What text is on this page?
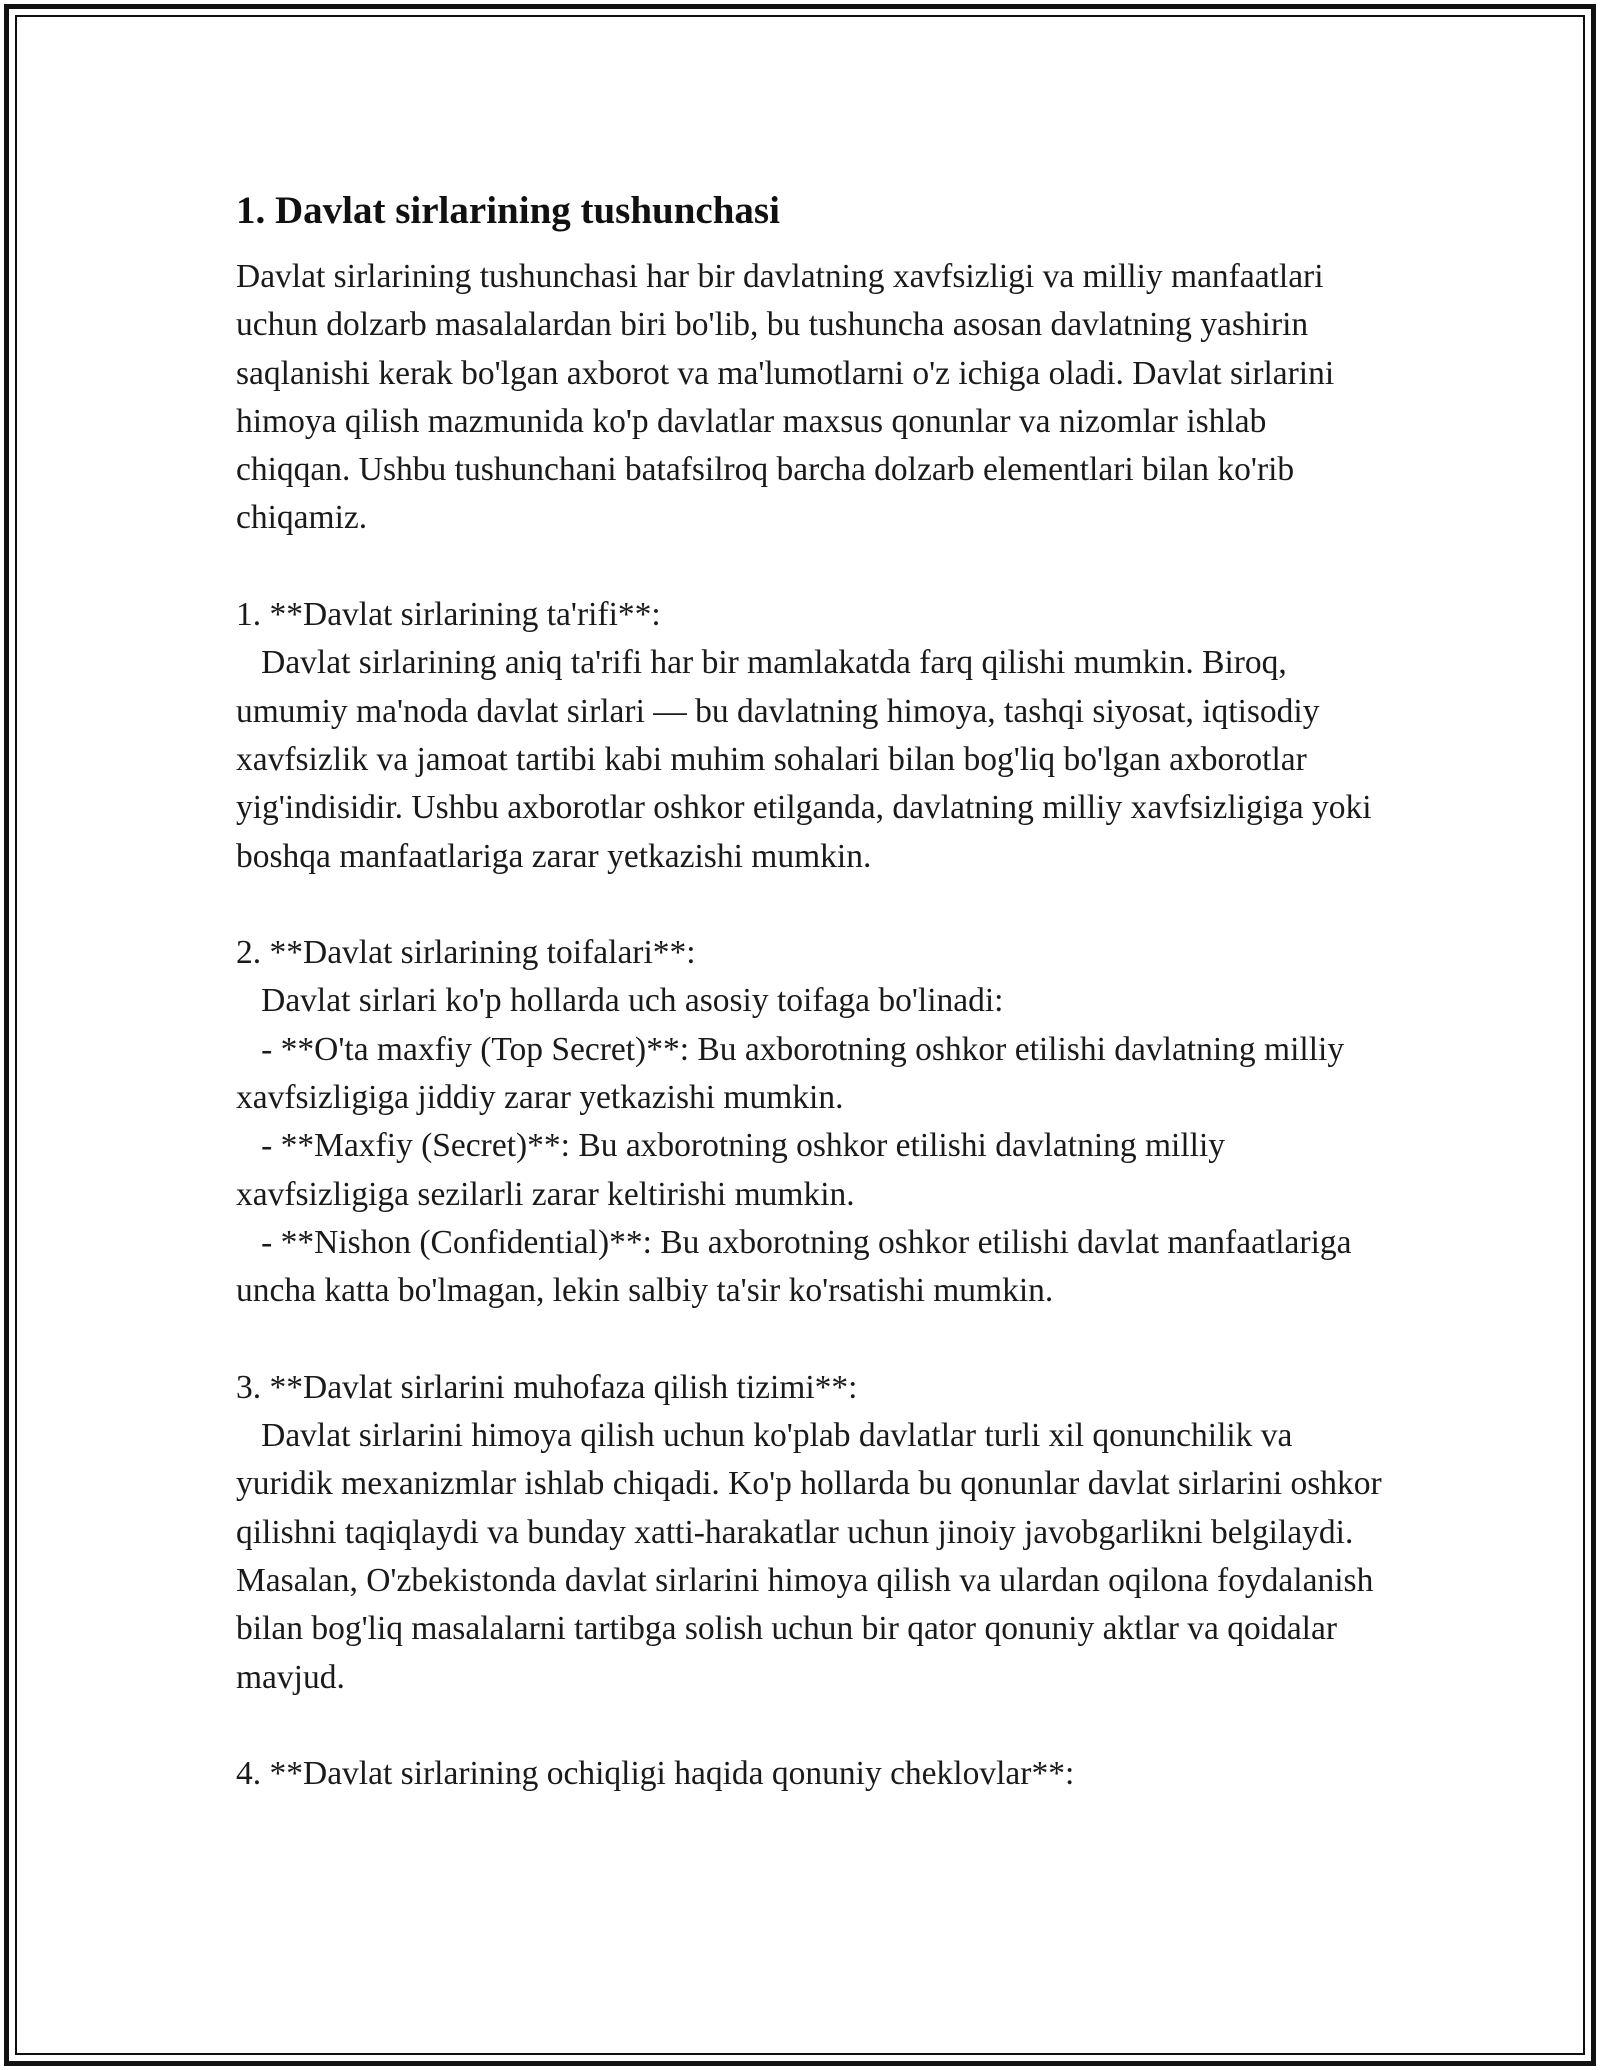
1. Davlat sirlarining tushunchasi

Davlat sirlarining tushunchasi har bir davlatning xavfsizligi va milliy manfaatlari uchun dolzarb masalalardan biri bo'lib, bu tushuncha asosan davlatning yashirin saqlanishi kerak bo'lgan axborot va ma'lumotlarni o'z ichiga oladi. Davlat sirlarini himoya qilish mazmunida ko'p davlatlar maxsus qonunlar va nizomlar ishlab chiqqan. Ushbu tushunchani batafsilroq barcha dolzarb elementlari bilan ko'rib chiqamiz.

1. **Davlat sirlarining ta'rifi**:

Davlat sirlarining aniq ta'rifi har bir mamlakatda farq qilishi mumkin. Biroq, umumiy ma'noda davlat sirlari — bu davlatning himoya, tashqi siyosat, iqtisodiy xavfsizlik va jamoat tartibi kabi muhim sohalari bilan bog'liq bo'lgan axborotlar yig'indisidir. Ushbu axborotlar oshkor etilganda, davlatning milliy xavfsizligiga yoki boshqa manfaatlariga zarar yetkazishi mumkin.

2. **Davlat sirlarining toifalari**:

Davlat sirlari ko'p hollarda uch asosiy toifaga bo'linadi:

- **O'ta maxfiy (Top Secret)**: Bu axborotning oshkor etilishi davlatning milliy xavfsizligiga jiddiy zarar yetkazishi mumkin.

- **Maxfiy (Secret)**: Bu axborotning oshkor etilishi davlatning milliy xavfsizligiga sezilarli zarar keltirishi mumkin.

- **Nishon (Confidential)**: Bu axborotning oshkor etilishi davlat manfaatlariga uncha katta bo'lmagan, lekin salbiy ta'sir ko'rsatishi mumkin.

3. **Davlat sirlarini muhofaza qilish tizimi**:

Davlat sirlarini himoya qilish uchun ko'plab davlatlar turli xil qonunchilik va yuridik mexanizmlar ishlab chiqadi. Ko'p hollarda bu qonunlar davlat sirlarini oshkor qilishni taqiqlaydi va bunday xatti-harakatlar uchun jinoiy javobgarlikni belgilaydi. Masalan, O'zbekistonda davlat sirlarini himoya qilish va ulardan oqilona foydalanish bilan bog'liq masalalarni tartibga solish uchun bir qator qonuniy aktlar va qoidalar mavjud.

4. **Davlat sirlarining ochiqligi haqida qonuniy cheklovlar**:
